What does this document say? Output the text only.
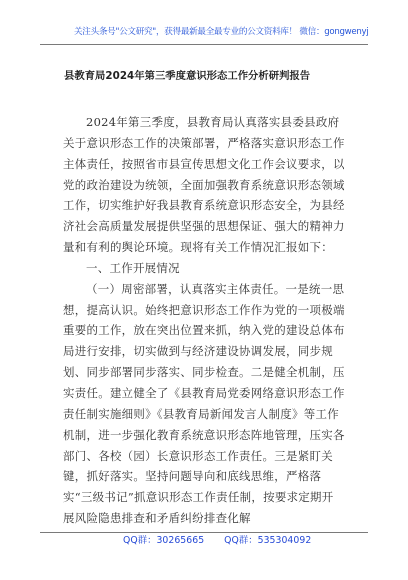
关注头条号"公文研究"，获得最新最全最专业的公文资料库！ 微信：gongwenyj
县教育局2024年第三季度意识形态工作分析研判报告

2024年第三季度，县教育局认真落实县委县政府关于意识形态工作的决策部署，严格落实意识形态工作主体责任，按照省市县宣传思想文化工作会议要求，以党的政治建设为统领，全面加强教育系统意识形态领域工作，切实维护好我县教育系统意识形态安全，为县经济社会高质量发展提供坚强的思想保证、强大的精神力量和有利的舆论环境。现将有关工作情况汇报如下：

一、工作开展情况

（一）周密部署，认真落实主体责任。一是统一思想，提高认识。始终把意识形态工作作为党的一项极端重要的工作，放在突出位置来抓，纳入党的建设总体布局进行安排，切实做到与经济建设协调发展，同步规划、同步部署同步落实、同步检查。二是健全机制，压实责任。建立健全了《县教育局党委网络意识形态工作责任制实施细则》《县教育局新闻发言人制度》等工作机制，进一步强化教育系统意识形态阵地管理，压实各部门、各校（园）长意识形态工作责任。三是紧盯关键，抓好落实。坚持问题导向和底线思维，严格落实“三级书记”抓意识形态工作责任制，按要求定期开展风险隐患排查和矛盾纠纷排查化解

QQ群：30265665 QQ群：535304092
